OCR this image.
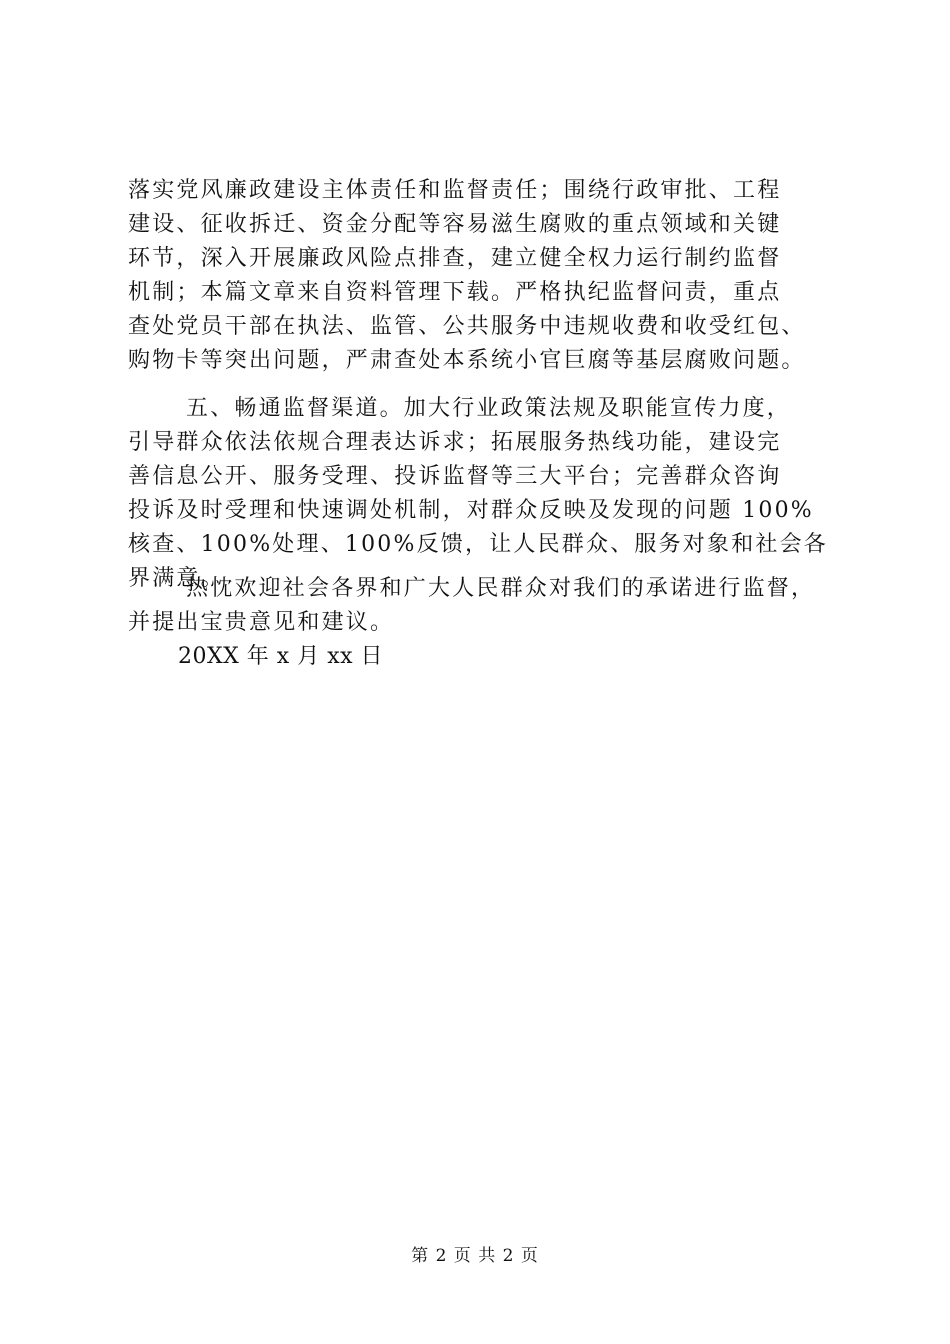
落实党风廉政建设主体责任和监督责任；围绕行政审批、工程
建设、征收拆迁、资金分配等容易滋生腐败的重点领域和关键
环节，深入开展廉政风险点排查，建立健全权力运行制约监督
机制；本篇文章来自资料管理下载。严格执纪监督问责，重点
查处党员干部在执法、监管、公共服务中违规收费和收受红包、
购物卡等突出问题，严肃查处本系统小官巨腐等基层腐败问题。
五、畅通监督渠道。加大行业政策法规及职能宣传力度，
引导群众依法依规合理表达诉求；拓展服务热线功能，建设完
善信息公开、服务受理、投诉监督等三大平台；完善群众咨询
投诉及时受理和快速调处机制，对群众反映及发现的问题 100%
核查、100%处理、100%反馈，让人民群众、服务对象和社会各
界满意。
热忱欢迎社会各界和广大人民群众对我们的承诺进行监督，
并提出宝贵意见和建议。
20XX 年 x 月 xx 日
第 2 页 共 2 页
